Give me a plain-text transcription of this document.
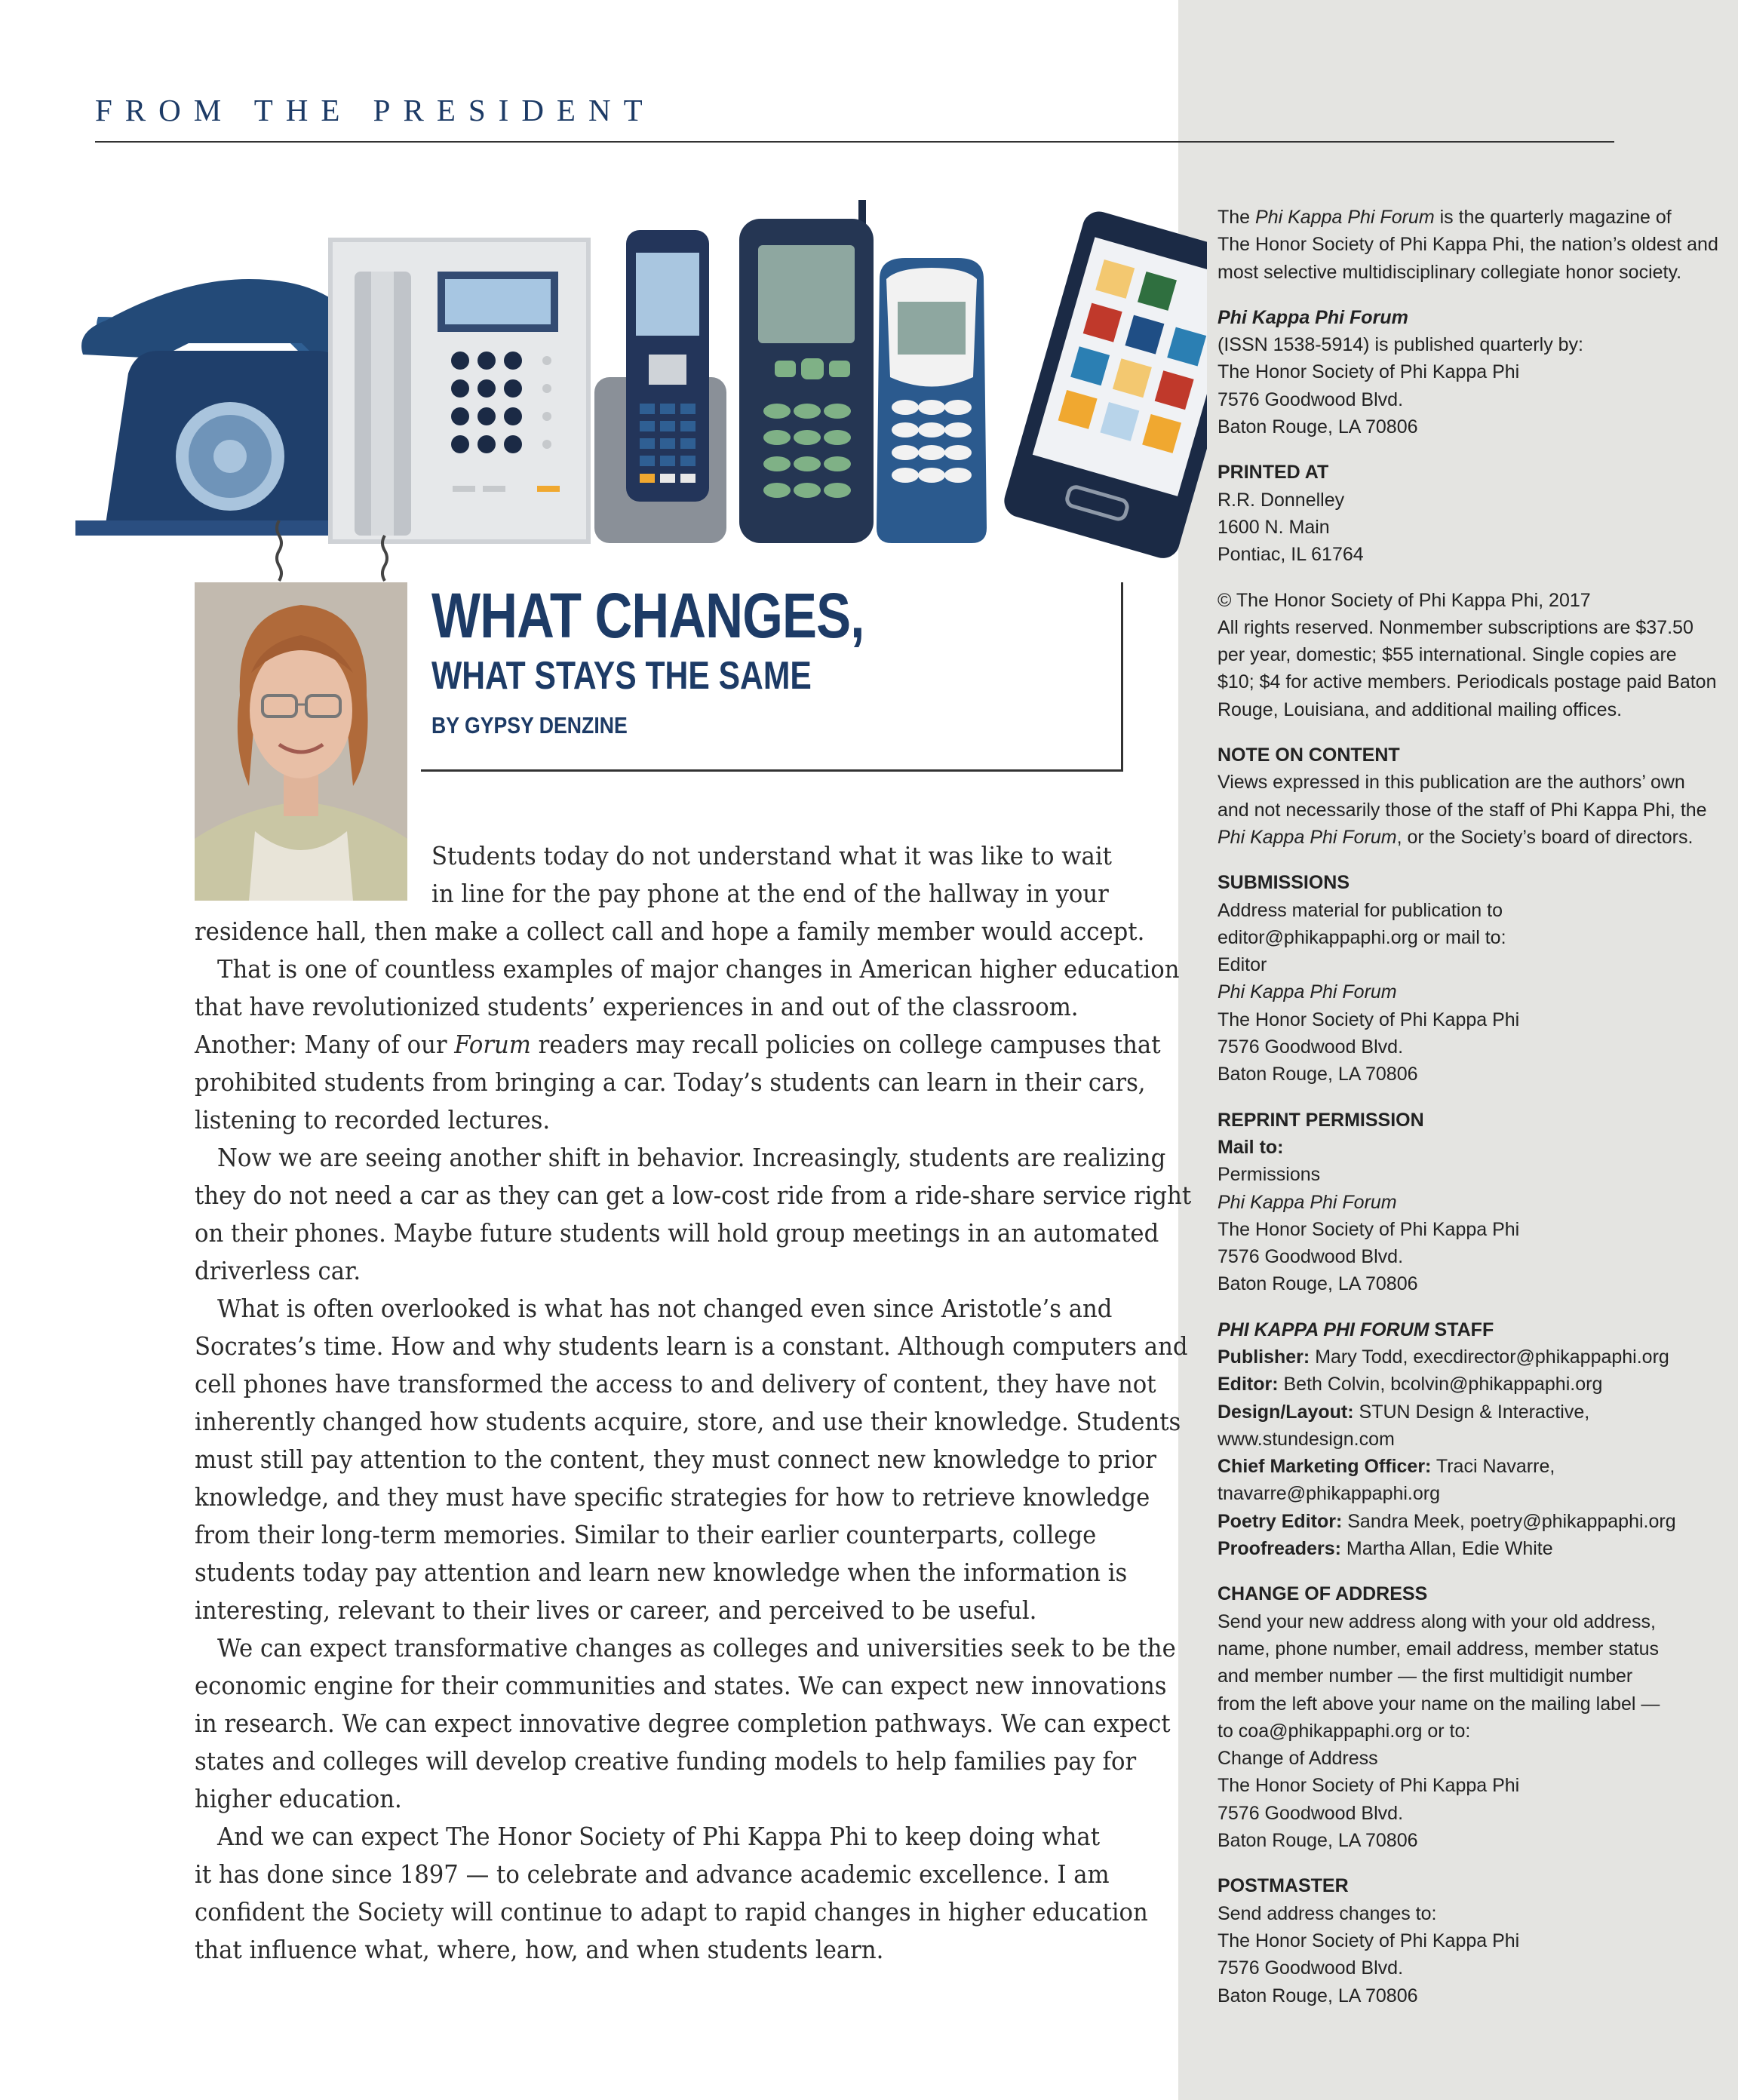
FROM THE PRESIDENT
WHAT CHANGES,
WHAT STAYS THE SAME

BY GYPSY DENZINE

Students today do not understand what it was like to wait
in line for the pay phone at the end of the hallway in your
residence hall, then make a collect call and hope a family member would accept.
That is one of countless examples of major changes in American higher education
that have revolutionized students’ experiences in and out of the classroom.
Another: Many of our Forum readers may recall policies on college campuses that
prohibited students from bringing a car. Today’s students can learn in their cars,
listening to recorded lectures.
Now we are seeing another shift in behavior. Increasingly, students are realizing
they do not need a car as they can get a low-cost ride from a ride-share service right
on their phones. Maybe future students will hold group meetings in an automated
driverless car.
What is often overlooked is what has not changed even since Aristotle’s and
Socrates’s time. How and why students learn is a constant. Although computers and
cell phones have transformed the access to and delivery of content, they have not
inherently changed how students acquire, store, and use their knowledge. Students
must still pay attention to the content, they must connect new knowledge to prior
knowledge, and they must have specific strategies for how to retrieve knowledge
from their long-term memories. Similar to their earlier counterparts, college
students today pay attention and learn new knowledge when the information is
interesting, relevant to their lives or career, and perceived to be useful.
We can expect transformative changes as colleges and universities seek to be the
economic engine for their communities and states. We can expect new innovations
in research. We can expect innovative degree completion pathways. We can expect
states and colleges will develop creative funding models to help families pay for
higher education.
And we can expect The Honor Society of Phi Kappa Phi to keep doing what
it has done since 1897 — to celebrate and advance academic excellence. I am
confident the Society will continue to adapt to rapid changes in higher education
that influence what, where, how, and when students learn.
The Phi Kappa Phi Forum is the quarterly magazine of
The Honor Society of Phi Kappa Phi, the nation’s oldest and
most selective multidisciplinary collegiate honor society.
Phi Kappa Phi Forum
(ISSN 1538-5914) is published quarterly by:
The Honor Society of Phi Kappa Phi
7576 Goodwood Blvd.
Baton Rouge, LA 70806
PRINTED AT
R.R. Donnelley
1600 N. Main
Pontiac, IL 61764
© The Honor Society of Phi Kappa Phi, 2017
All rights reserved. Nonmember subscriptions are $37.50
per year, domestic; $55 international. Single copies are
$10; $4 for active members. Periodicals postage paid Baton
Rouge, Louisiana, and additional mailing offices.
NOTE ON CONTENT
Views expressed in this publication are the authors’ own
and not necessarily those of the staff of Phi Kappa Phi, the
Phi Kappa Phi Forum, or the Society’s board of directors.
SUBMISSIONS
Address material for publication to
editor@phikappaphi.org or mail to:
Editor
Phi Kappa Phi Forum
The Honor Society of Phi Kappa Phi
7576 Goodwood Blvd.
Baton Rouge, LA 70806
REPRINT PERMISSION
Mail to:
Permissions
Phi Kappa Phi Forum
The Honor Society of Phi Kappa Phi
7576 Goodwood Blvd.
Baton Rouge, LA 70806
PHI KAPPA PHI FORUM STAFF
Publisher: Mary Todd, execdirector@phikappaphi.org
Editor: Beth Colvin, bcolvin@phikappaphi.org
Design/Layout: STUN Design & Interactive,
www.stundesign.com
Chief Marketing Officer: Traci Navarre,
tnavarre@phikappaphi.org
Poetry Editor: Sandra Meek, poetry@phikappaphi.org
Proofreaders: Martha Allan, Edie White
CHANGE OF ADDRESS
Send your new address along with your old address,
name, phone number, email address, member status
and member number — the first multidigit number
from the left above your name on the mailing label —
to coa@phikappaphi.org or to:
Change of Address
The Honor Society of Phi Kappa Phi
7576 Goodwood Blvd.
Baton Rouge, LA 70806
POSTMASTER
Send address changes to:
The Honor Society of Phi Kappa Phi
7576 Goodwood Blvd.
Baton Rouge, LA 70806
